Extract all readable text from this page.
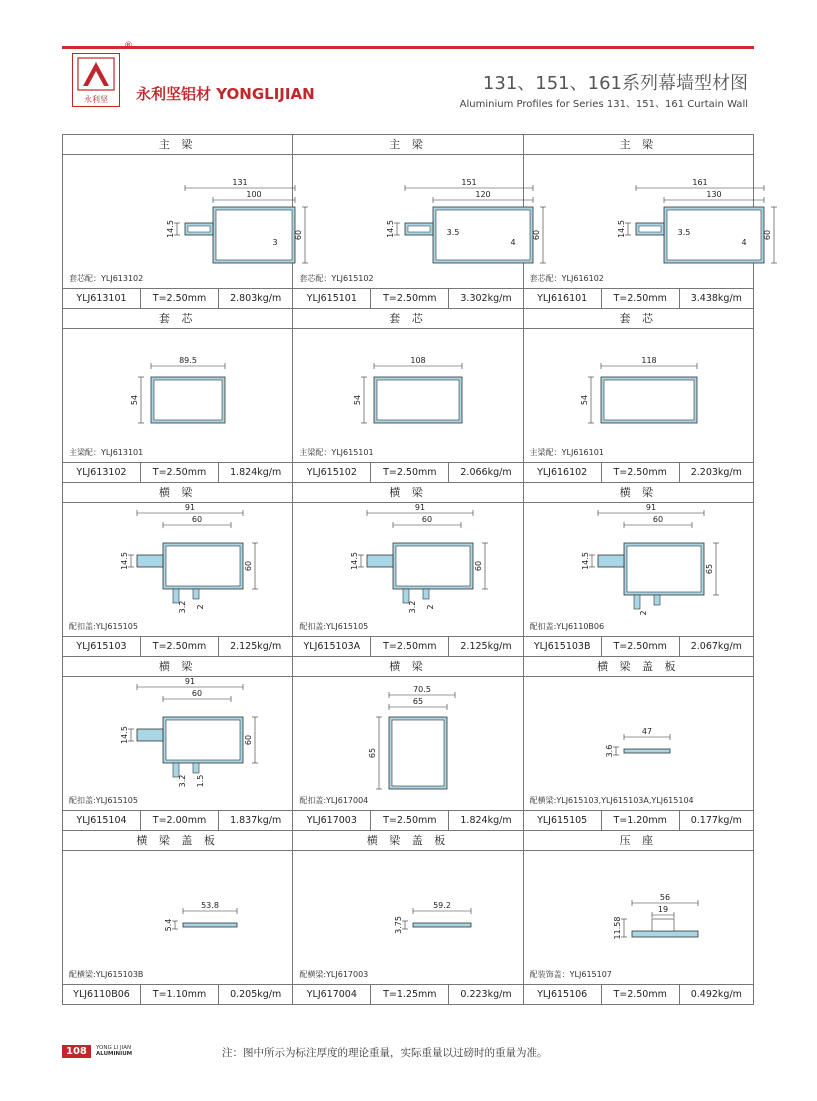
永利坚
®
永利坚铝材 YONGLIJIAN	131、151、161系列幕墙型材图
Aluminium Profiles for Series 131、151、161 Curtain Wall
主 梁
131
100
14.5	60
3
套芯配：YLJ613102
YLJ613101	T=2.50mm	2.803kg/m
主 梁
151
120
14.5	60
4
3.5
套芯配：YLJ615102
YLJ615101	T=2.50mm	3.302kg/m
主 梁
161
130
14.5	60
4
3.5
套芯配：YLJ616102
YLJ616101	T=2.50mm	3.438kg/m
套 芯
89.5
54
主梁配：YLJ613101
YLJ613102	T=2.50mm	1.824kg/m
套 芯
108
54
主梁配：YLJ615101
YLJ615102	T=2.50mm	2.066kg/m
套 芯
118
54
主梁配：YLJ616101
YLJ616102	T=2.50mm	2.203kg/m
横 梁
91
60
14.5	60
3.2 2
配扣盖:YLJ615105
YLJ615103	T=2.50mm	2.125kg/m
横 梁
91
60
14.5	60
3.2 2
配扣盖:YLJ615105
YLJ615103A	T=2.50mm	2.125kg/m
横 梁
91
60
14.5	65
2
配扣盖:YLJ6110B06
YLJ615103B	T=2.50mm	2.067kg/m
横 梁
91
60
14.5	60
3.2 1.5
配扣盖:YLJ615105
YLJ615104	T=2.00mm	1.837kg/m
横 梁
70.5
65
65
配扣盖:YLJ617004
YLJ617003	T=2.50mm	1.824kg/m
横 梁 盖 板
47
3.6
配横梁:YLJ615103,YLJ615103A,YLJ615104
YLJ615105	T=1.20mm	0.177kg/m
横 梁 盖 板
53.8
5.4
配横梁:YLJ615103B
YLJ6110B06	T=1.10mm	0.205kg/m
横 梁 盖 板
59.2
3.75
配横梁:YLJ617003
YLJ617004	T=1.25mm	0.223kg/m
压 座
56
19
11.58
配装饰盖：YLJ615107
YLJ615106	T=2.50mm	0.492kg/m
108	YONG LI JIAN
ALUMINIUM	注：图中所示为标注厚度的理论重量，实际重量以过磅时的重量为准。
